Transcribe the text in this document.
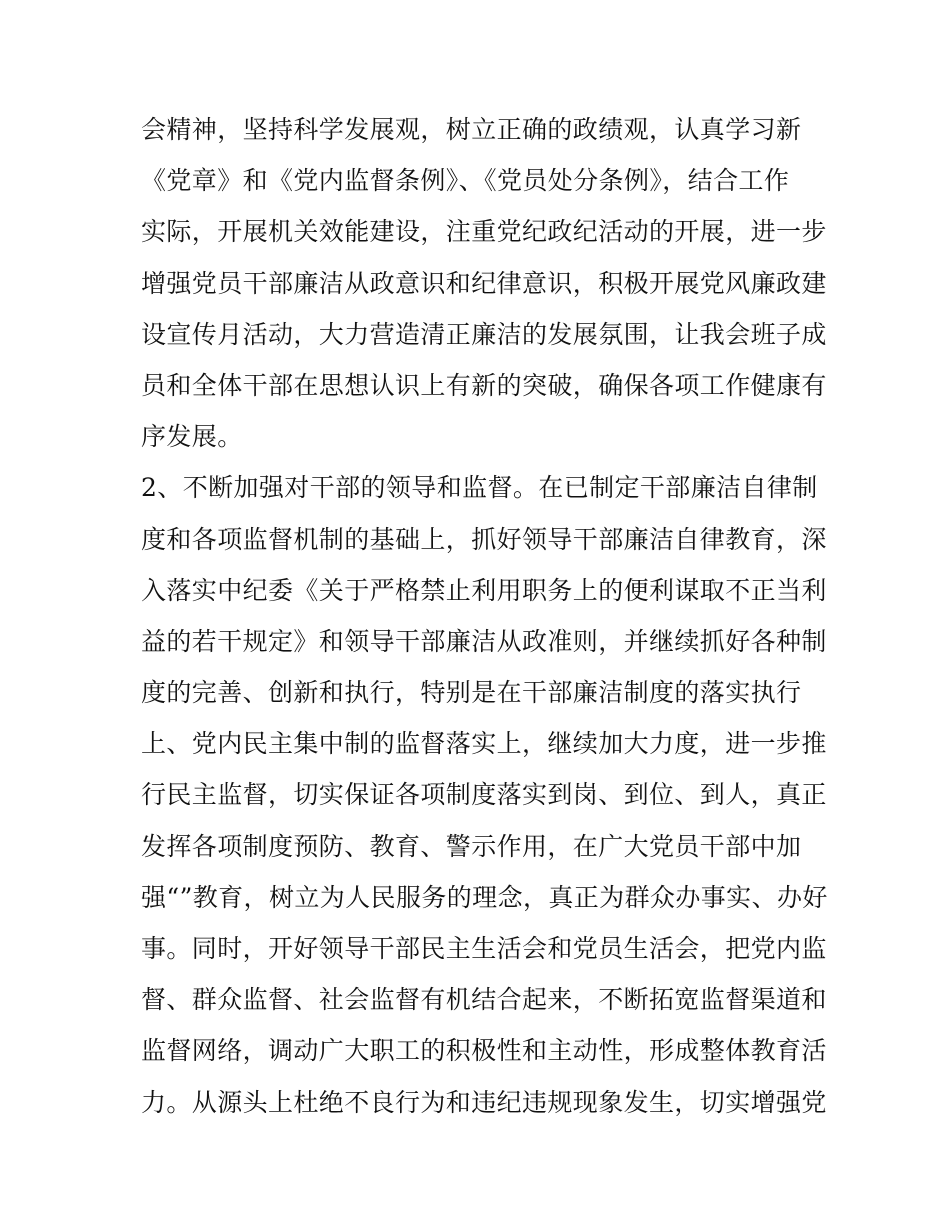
会精神，坚持科学发展观，树立正确的政绩观，认真学习新
《党章》和《党内监督条例》、《党员处分条例》，结合工作
实际，开展机关效能建设，注重党纪政纪活动的开展，进一步
增强党员干部廉洁从政意识和纪律意识，积极开展党风廉政建
设宣传月活动，大力营造清正廉洁的发展氛围，让我会班子成
员和全体干部在思想认识上有新的突破，确保各项工作健康有
序发展。
2、不断加强对干部的领导和监督。在已制定干部廉洁自律制
度和各项监督机制的基础上，抓好领导干部廉洁自律教育，深
入落实中纪委《关于严格禁止利用职务上的便利谋取不正当利
益的若干规定》和领导干部廉洁从政准则，并继续抓好各种制
度的完善、创新和执行，特别是在干部廉洁制度的落实执行
上、党内民主集中制的监督落实上，继续加大力度，进一步推
行民主监督，切实保证各项制度落实到岗、到位、到人，真正
发挥各项制度预防、教育、警示作用，在广大党员干部中加
强“”教育，树立为人民服务的理念，真正为群众办事实、办好
事。同时，开好领导干部民主生活会和党员生活会，把党内监
督、群众监督、社会监督有机结合起来，不断拓宽监督渠道和
监督网络，调动广大职工的积极性和主动性，形成整体教育活
力。从源头上杜绝不良行为和违纪违规现象发生，切实增强党
